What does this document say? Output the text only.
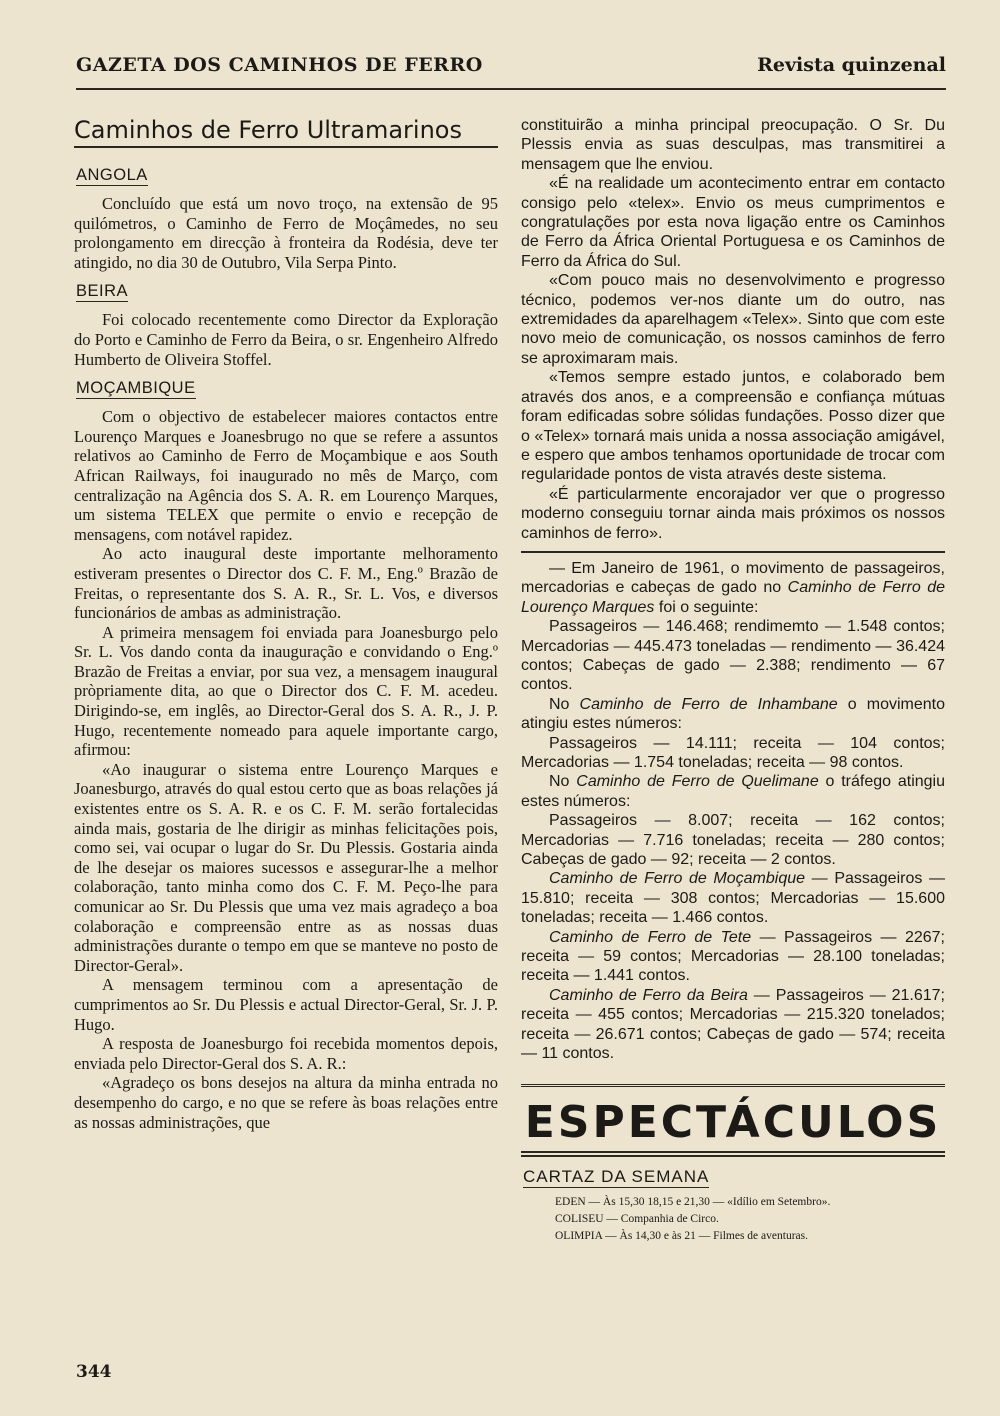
GAZETA DOS CAMINHOS DE FERRO	Revista quinzenal
Caminhos de Ferro Ultramarinos
ANGOLA

Concluído que está um novo troço, na extensão de 95 quilómetros, o Caminho de Ferro de Moçâmedes, no seu prolongamento em direcção à fronteira da Rodésia, deve ter atingido, no dia 30 de Outubro, Vila Serpa Pinto.

BEIRA

Foi colocado recentemente como Director da Exploração do Porto e Caminho de Ferro da Beira, o sr. Engenheiro Alfredo Humberto de Oliveira Stoffel.

MOÇAMBIQUE

Com o objectivo de estabelecer maiores contactos entre Lourenço Marques e Joanesbrugo no que se refere a assuntos relativos ao Caminho de Ferro de Moçambique e aos South African Railways, foi inaugurado no mês de Março, com centralização na Agência dos S. A. R. em Lourenço Marques, um sistema TELEX que permite o envio e recepção de mensagens, com notável rapidez.

Ao acto inaugural deste importante melhoramento estiveram presentes o Director dos C. F. M., Eng.º Brazão de Freitas, o representante dos S. A. R., Sr. L. Vos, e diversos funcionários de ambas as administração.

A primeira mensagem foi enviada para Joanesburgo pelo Sr. L. Vos dando conta da inauguração e convidando o Eng.º Brazão de Freitas a enviar, por sua vez, a mensagem inaugural pròpriamente dita, ao que o Director dos C. F. M. acedeu. Dirigindo-se, em inglês, ao Director-Geral dos S. A. R., J. P. Hugo, recentemente nomeado para aquele importante cargo, afirmou:

«Ao inaugurar o sistema entre Lourenço Marques e Joanesburgo, através do qual estou certo que as boas relações já existentes entre os S. A. R. e os C. F. M. serão fortalecidas ainda mais, gostaria de lhe dirigir as minhas felicitações pois, como sei, vai ocupar o lugar do Sr. Du Plessis. Gostaria ainda de lhe desejar os maiores sucessos e assegurar-lhe a melhor colaboração, tanto minha como dos C. F. M. Peço-lhe para comunicar ao Sr. Du Plessis que uma vez mais agradeço a boa colaboração e compreensão entre as as nossas duas administrações durante o tempo em que se manteve no posto de Director-Geral».

A mensagem terminou com a apresentação de cumprimentos ao Sr. Du Plessis e actual Director-Geral, Sr. J. P. Hugo.

A resposta de Joanesburgo foi recebida momentos depois, enviada pelo Director-Geral dos S. A. R.:

«Agradeço os bons desejos na altura da minha entrada no desempenho do cargo, e no que se refere às boas relações entre as nossas administrações, que

constituirão a minha principal preocupação. O Sr. Du Plessis envia as suas desculpas, mas transmitirei a mensagem que lhe enviou.

«É na realidade um acontecimento entrar em contacto consigo pelo «telex». Envio os meus cumprimentos e congratulações por esta nova ligação entre os Caminhos de Ferro da África Oriental Portuguesa e os Caminhos de Ferro da África do Sul.

«Com pouco mais no desenvolvimento e progresso técnico, podemos ver-nos diante um do outro, nas extremidades da aparelhagem «Telex». Sinto que com este novo meio de comunicação, os nossos caminhos de ferro se aproximaram mais.

«Temos sempre estado juntos, e colaborado bem através dos anos, e a compreensão e confiança mútuas foram edificadas sobre sólidas fundações. Posso dizer que o «Telex» tornará mais unida a nossa associação amigável, e espero que ambos tenhamos oportunidade de trocar com regularidade pontos de vista através deste sistema.

«É particularmente encorajador ver que o progresso moderno conseguiu tornar ainda mais próximos os nossos caminhos de ferro».

— Em Janeiro de 1961, o movimento de passageiros, mercadorias e cabeças de gado no Caminho de Ferro de Lourenço Marques foi o seguinte:

Passageiros — 146.468; rendimemto — 1.548 contos; Mercadorias — 445.473 toneladas — rendimento — 36.424 contos; Cabeças de gado — 2.388; rendimento — 67 contos.

No Caminho de Ferro de Inhambane o movimento atingiu estes números:

Passageiros — 14.111; receita — 104 contos; Mercadorias — 1.754 toneladas; receita — 98 contos.

No Caminho de Ferro de Quelimane o tráfego atingiu estes números:

Passageiros — 8.007; receita — 162 contos; Mercadorias — 7.716 toneladas; receita — 280 contos; Cabeças de gado — 92; receita — 2 contos.

Caminho de Ferro de Moçambique — Passageiros — 15.810; receita — 308 contos; Mercadorias — 15.600 toneladas; receita — 1.466 contos.

Caminho de Ferro de Tete — Passageiros — 2267; receita — 59 contos; Mercadorias — 28.100 toneladas; receita — 1.441 contos.

Caminho de Ferro da Beira — Passageiros — 21.617; receita — 455 contos; Mercadorias — 215.320 tonelados; receita — 26.671 contos; Cabeças de gado — 574; receita — 11 contos.

ESPECTÁCULOS
CARTAZ DA SEMANA
EDEN — Às 15,30 18,15 e 21,30 — «Idílio em Setembro».
COLISEU — Companhia de Circo.
OLIMPIA — Às 14,30 e às 21 — Filmes de aventuras.
344
